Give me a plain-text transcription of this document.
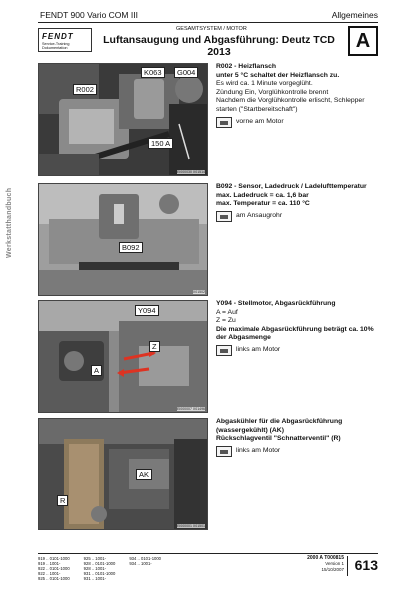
FENDT 900 Vario COM III	Allgemeines
FENDT
Service-Training
Dokumentation
GESAMTSYSTEM / MOTOR
Luftansaugung und Abgasführung: Deutz TCD 2013
A
Werkstatthandbuch
R002
K063	G004
150 A
EI000030 X01514
B092
X01502
Y094
Z
A
EI000007 X01496
AK
R
EI000001 X01501
R002 - Heizflansch
unter 5 °C schaltet der Heizflansch zu.
Es wird ca. 1 Minute vorgeglüht.
Zündung Ein, Vorglühkontrolle brennt
Nachdem die Vorglühkontrolle erlischt, Schlepper starten ("Startbereitschaft")
vorne am Motor
B092 - Sensor, Ladedruck / Ladelufttemperatur
max. Ladedruck = ca. 1,6 bar
max. Temperatur = ca. 110 °C
am Ansaugrohr
Y094 - Stellmotor, Abgasrückführung
A = Auf
Z = Zu
Die maximale Abgasrückführung beträgt ca. 10% der Abgasmenge
links am Motor
Abgaskühler für die Abgasrückführung (wassergekühlt) (AK)
Rückschlagventil "Schnatterventil" (R)
links am Motor
919 .. 0101-1000
919 .. 1001-
922 .. 0101-1000
922 .. 1001-
925 .. 0101-1000
925 .. 1001-
928 .. 0101-1000
928 .. 1001-
931 .. 0101-1000
931 .. 1001-
934 .. 0101-1000
934 .. 1001-
2000 A T000815
Version 1
15/10/2007 613
